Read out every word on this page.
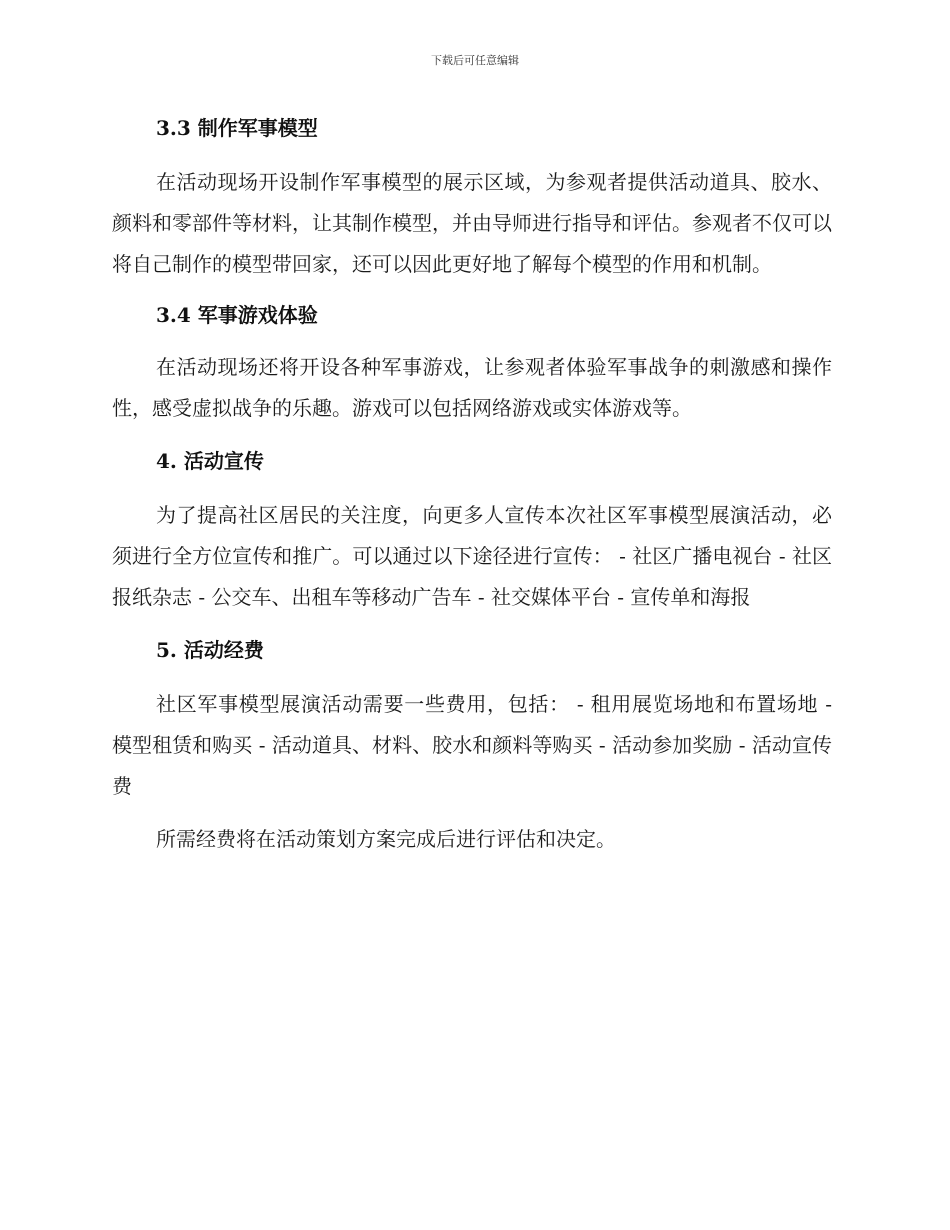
下载后可任意编辑
3.3 制作军事模型

在活动现场开设制作军事模型的展示区域，为参观者提供活动道具、胶水、颜料和零部件等材料，让其制作模型，并由导师进行指导和评估。参观者不仅可以将自己制作的模型带回家，还可以因此更好地了解每个模型的作用和机制。

3.4 军事游戏体验

在活动现场还将开设各种军事游戏，让参观者体验军事战争的刺激感和操作性，感受虚拟战争的乐趣。游戏可以包括网络游戏或实体游戏等。

4. 活动宣传

为了提高社区居民的关注度，向更多人宣传本次社区军事模型展演活动，必须进行全方位宣传和推广。可以通过以下途径进行宣传： - 社区广播电视台 - 社区报纸杂志 - 公交车、出租车等移动广告车 - 社交媒体平台 - 宣传单和海报

5. 活动经费

社区军事模型展演活动需要一些费用，包括： - 租用展览场地和布置场地 - 模型租赁和购买 - 活动道具、材料、胶水和颜料等购买 - 活动参加奖励 - 活动宣传费

所需经费将在活动策划方案完成后进行评估和决定。
